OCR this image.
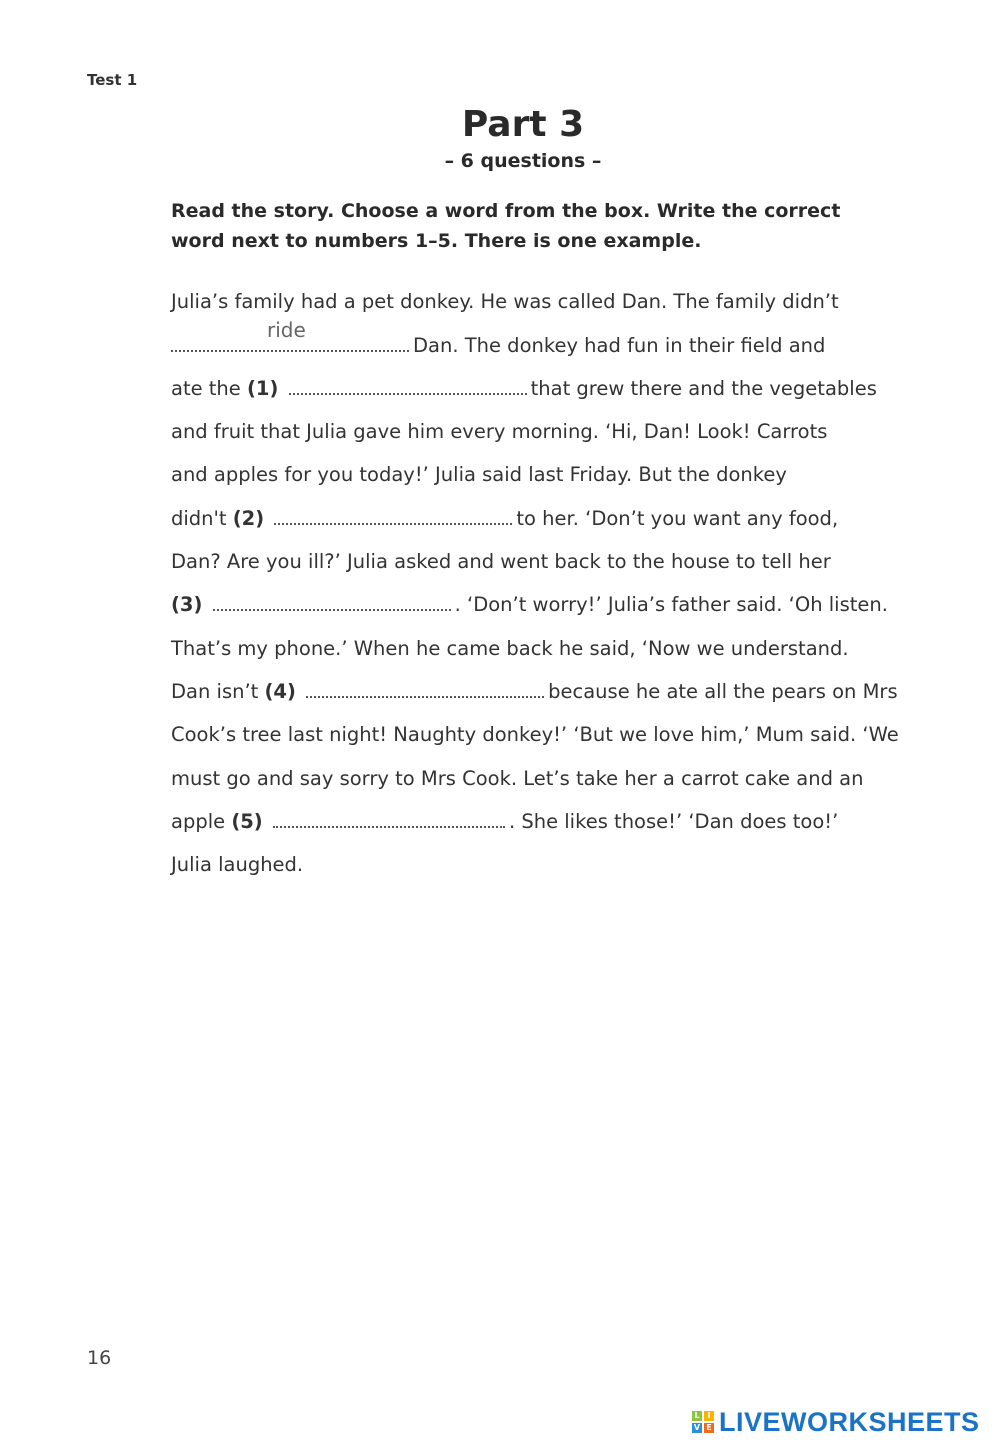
Test 1
Part 3
– 6 questions –
Read the story. Choose a word from the box. Write the correct
word next to numbers 1–5. There is one example.
Julia’s family had a pet donkey. He was called Dan. The family didn’t
ride
Dan. The donkey had fun in their field and
ate the (1)	that grew there and the vegetables
and fruit that Julia gave him every morning. ‘Hi, Dan! Look! Carrots
and apples for you today!’ Julia said last Friday. But the donkey
didn't (2)	to her. ‘Don’t you want any food,
Dan? Are you ill?’ Julia asked and went back to the house to tell her
(3)	. ‘Don’t worry!’ Julia’s father said. ‘Oh listen.
That’s my phone.’ When he came back he said, ‘Now we understand.
Dan isn’t (4)	because he ate all the pears on Mrs
Cook’s tree last night! Naughty donkey!’ ‘But we love him,’ Mum said. ‘We
must go and say sorry to Mrs Cook. Let’s take her a carrot cake and an
apple (5)	. She likes those!’ ‘Dan does too!’
Julia laughed.
16
L I
V E LIVEWORKSHEETS
